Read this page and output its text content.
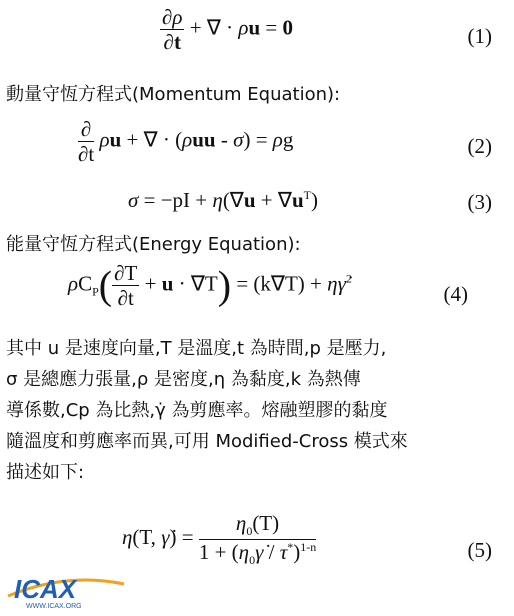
$\frac{\partial\rho}{\partial t}$ + ∇ · ρu = 0	(1)
動量守恆方程式(Momentum Equation):
$\frac{\partial}{\partial t}$ ρu + ∇ · (ρuu - σ) = ρg	(2)
$\sigma = -pI + \eta(\nabla u + \nabla u^T)$	(3)
能量守恆方程式(Energy Equation):
$\rho C_P( \frac{\partial T}{\partial t} + u \cdot \nabla T) = (k\nabla T)$ + ηγ̇$^2$
(4)
其中 u 是速度向量,T 是溫度,t 為時間,p 是壓力,
σ 是總應力張量,ρ 是密度,η 為黏度,k 為熱傳
導係數,Cp 為比熱,γ̇ 為剪應率。熔融塑膠的黏度
隨溫度和剪應率而異,可用 Modified-Cross 模式來
描述如下:
η(T, γ̇) = $\frac{\eta_0(T)}{1 + (\eta_0\gammȧ / \tau^*)^{1-n}}$	(5)
ICAX
WWW.ICAX.ORG
